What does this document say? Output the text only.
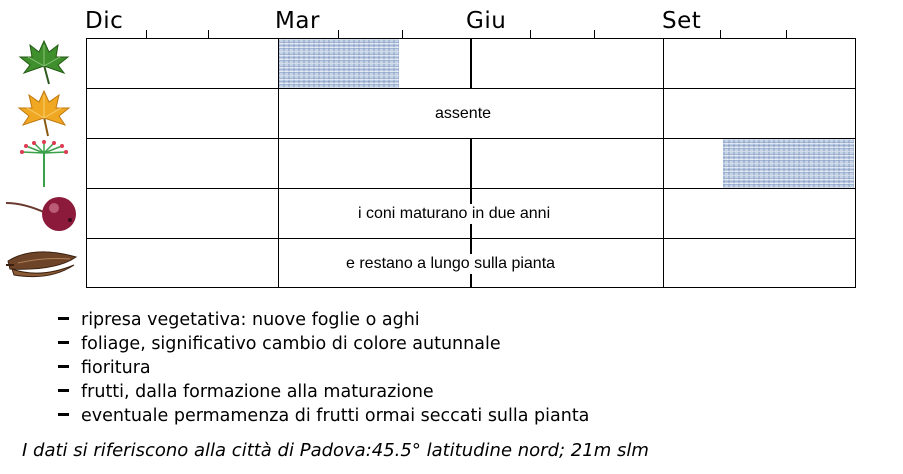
Dic	Mar	Giu	Set
assente
i coni maturano in due anni
e restano a lungo sulla pianta
ripresa vegetativa: nuove foglie o aghi
foliage, significativo cambio di colore autunnale
fioritura
frutti, dalla formazione alla maturazione
eventuale permamenza di frutti ormai seccati sulla pianta
I dati si riferiscono alla città di Padova:45.5° latitudine nord; 21m slm
